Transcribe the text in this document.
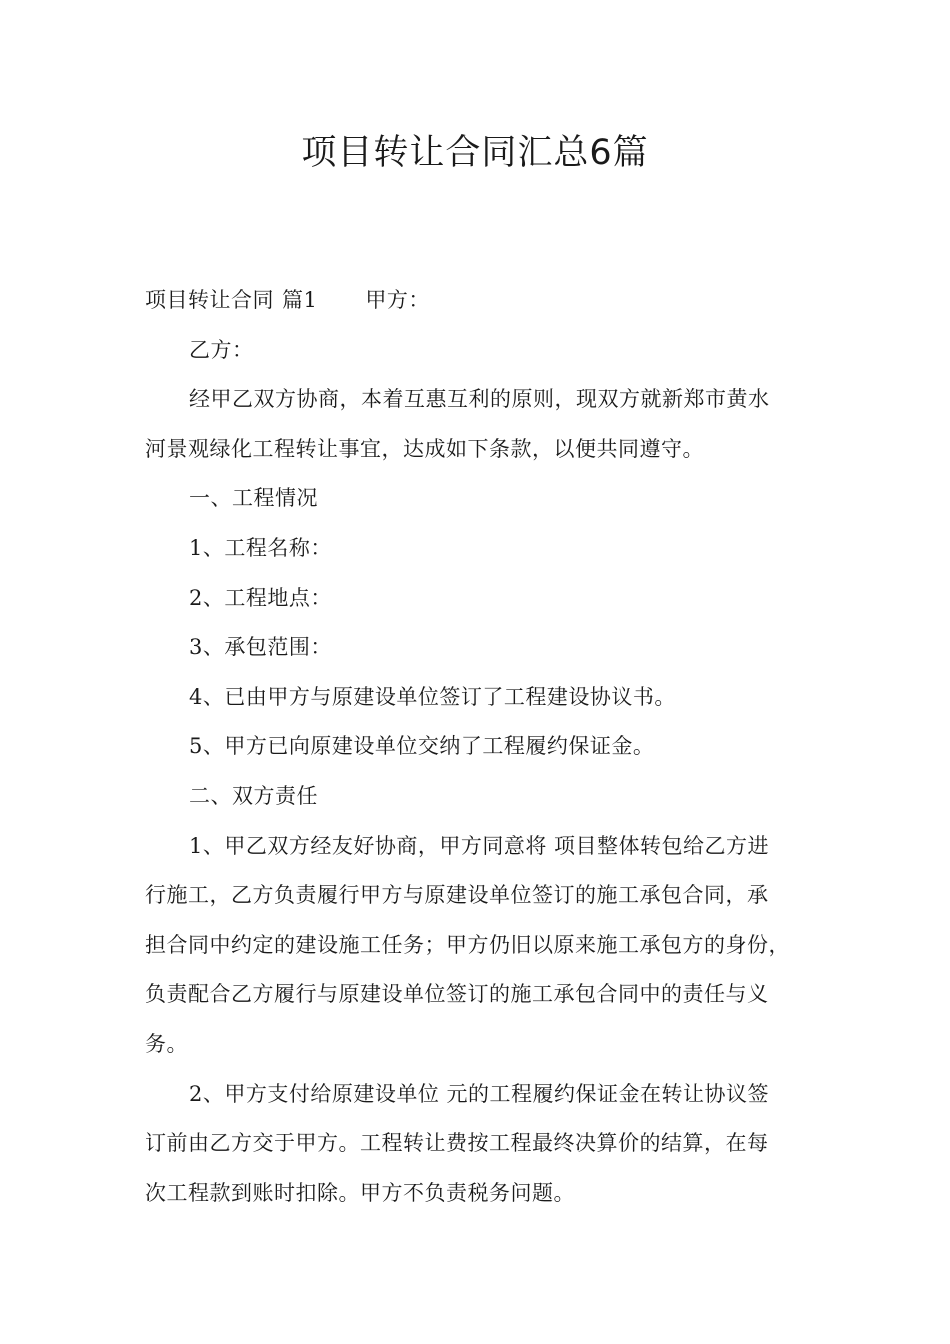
项目转让合同汇总6篇

项目转让合同 篇1 甲方：

乙方：

经甲乙双方协商，本着互惠互利的原则，现双方就新郑市黄水
河景观绿化工程转让事宜，达成如下条款，以便共同遵守。

一、工程情况

1、工程名称：

2、工程地点：

3、承包范围：

4、已由甲方与原建设单位签订了工程建设协议书。

5、甲方已向原建设单位交纳了工程履约保证金。

二、双方责任

1、甲乙双方经友好协商，甲方同意将 项目整体转包给乙方进
行施工，乙方负责履行甲方与原建设单位签订的施工承包合同，承
担合同中约定的建设施工任务；甲方仍旧以原来施工承包方的身份，
负责配合乙方履行与原建设单位签订的施工承包合同中的责任与义
务。

2、甲方支付给原建设单位 元的工程履约保证金在转让协议签
订前由乙方交于甲方。工程转让费按工程最终决算价的结算，在每
次工程款到账时扣除。甲方不负责税务问题。
